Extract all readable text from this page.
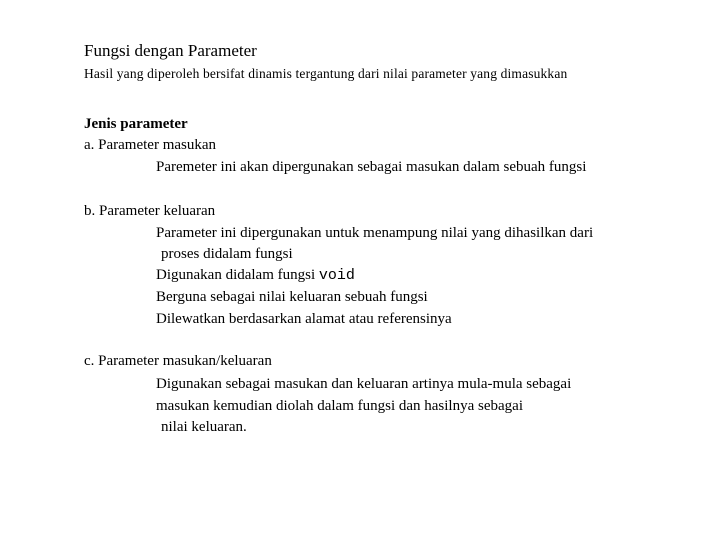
Fungsi dengan Parameter
Hasil yang diperoleh bersifat dinamis tergantung dari nilai parameter yang dimasukkan
Jenis parameter
a. Parameter masukan
Paremeter ini akan dipergunakan sebagai masukan dalam sebuah fungsi
b. Parameter keluaran
Parameter ini dipergunakan untuk menampung nilai yang dihasilkan dari
proses didalam fungsi
Digunakan didalam fungsi void
Berguna sebagai nilai keluaran sebuah fungsi
Dilewatkan berdasarkan alamat atau referensinya
c. Parameter masukan/keluaran
Digunakan sebagai masukan dan keluaran artinya mula-mula sebagai
masukan kemudian diolah dalam fungsi dan hasilnya sebagai
nilai keluaran.
